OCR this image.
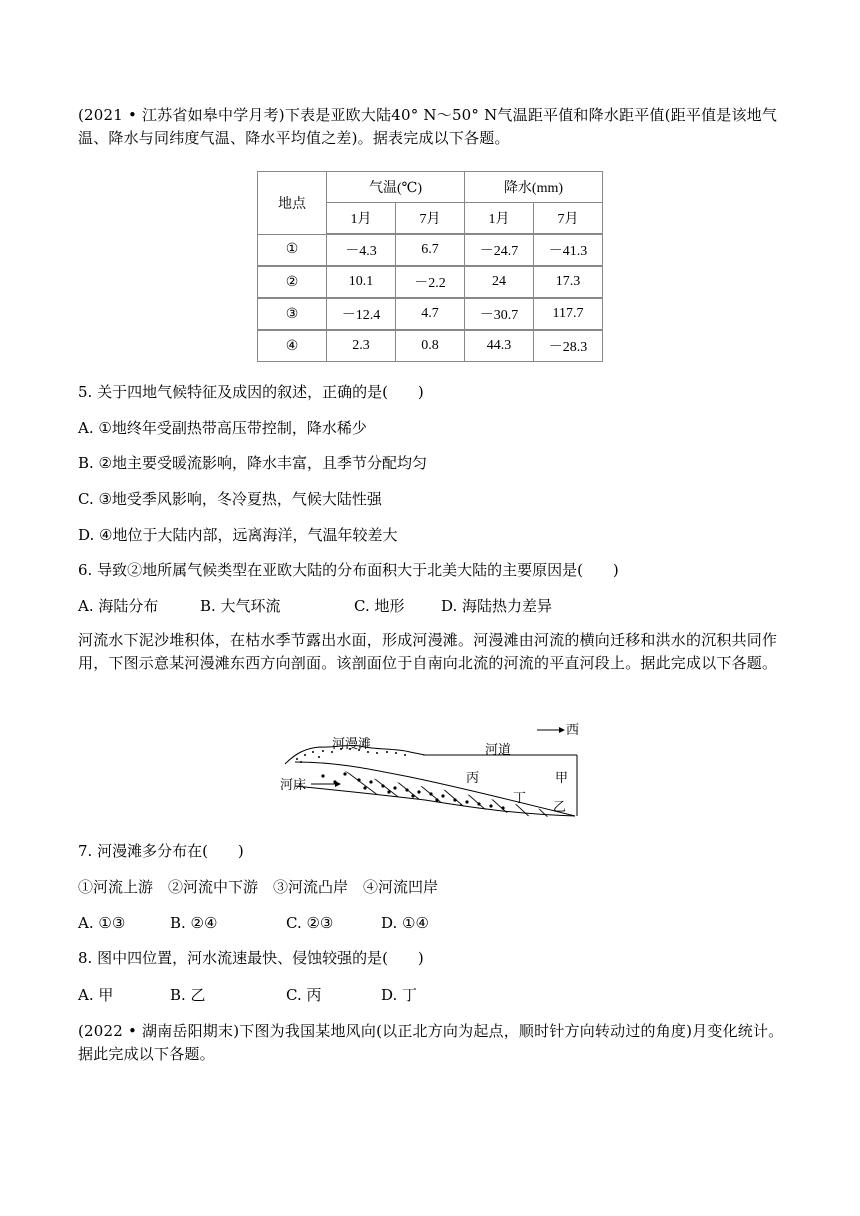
(2021 • 江苏省如皋中学月考)下表是亚欧大陆40° N～50° N气温距平值和降水距平值(距平值是该地气温、降水与同纬度气温、降水平均值之差)。据表完成以下各题。
地点	气温(℃)		降水(mm)	
	1月	7月	1月	7月
①	－4.3	6.7	－24.7	－41.3
②	10.1	－2.2	24	17.3
③	－12.4	4.7	－30.7	117.7
④	2.3	0.8	44.3	－28.3
5. 关于四地气候特征及成因的叙述，正确的是(　　)
A. ①地终年受副热带高压带控制，降水稀少
B. ②地主要受暖流影响，降水丰富，且季节分配均匀
C. ③地受季风影响，冬冷夏热，气候大陆性强
D. ④地位于大陆内部，远离海洋，气温年较差大
6. 导致②地所属气候类型在亚欧大陆的分布面积大于北美大陆的主要原因是(　　)
A. 海陆分布	B. 大气环流	C. 地形 D. 海陆热力差异
河流水下泥沙堆积体，在枯水季节露出水面，形成河漫滩。河漫滩由河流的横向迁移和洪水的沉积共同作用，下图示意某河漫滩东西方向剖面。该剖面位于自南向北流的河流的平直河段上。据此完成以下各题。
河漫滩	河道
西
河床	丙	甲
丁
乙
7. 河漫滩多分布在(　　)
①河流上游　②河流中下游　③河流凸岸　④河流凹岸
A. ①③	B. ②④	C. ②③	D. ①④
8. 图中四位置，河水流速最快、侵蚀较强的是(　　)
A. 甲	B. 乙	C. 丙	D. 丁
(2022 • 湖南岳阳期末)下图为我国某地风向(以正北方向为起点，顺时针方向转动过的角度)月变化统计。据此完成以下各题。
